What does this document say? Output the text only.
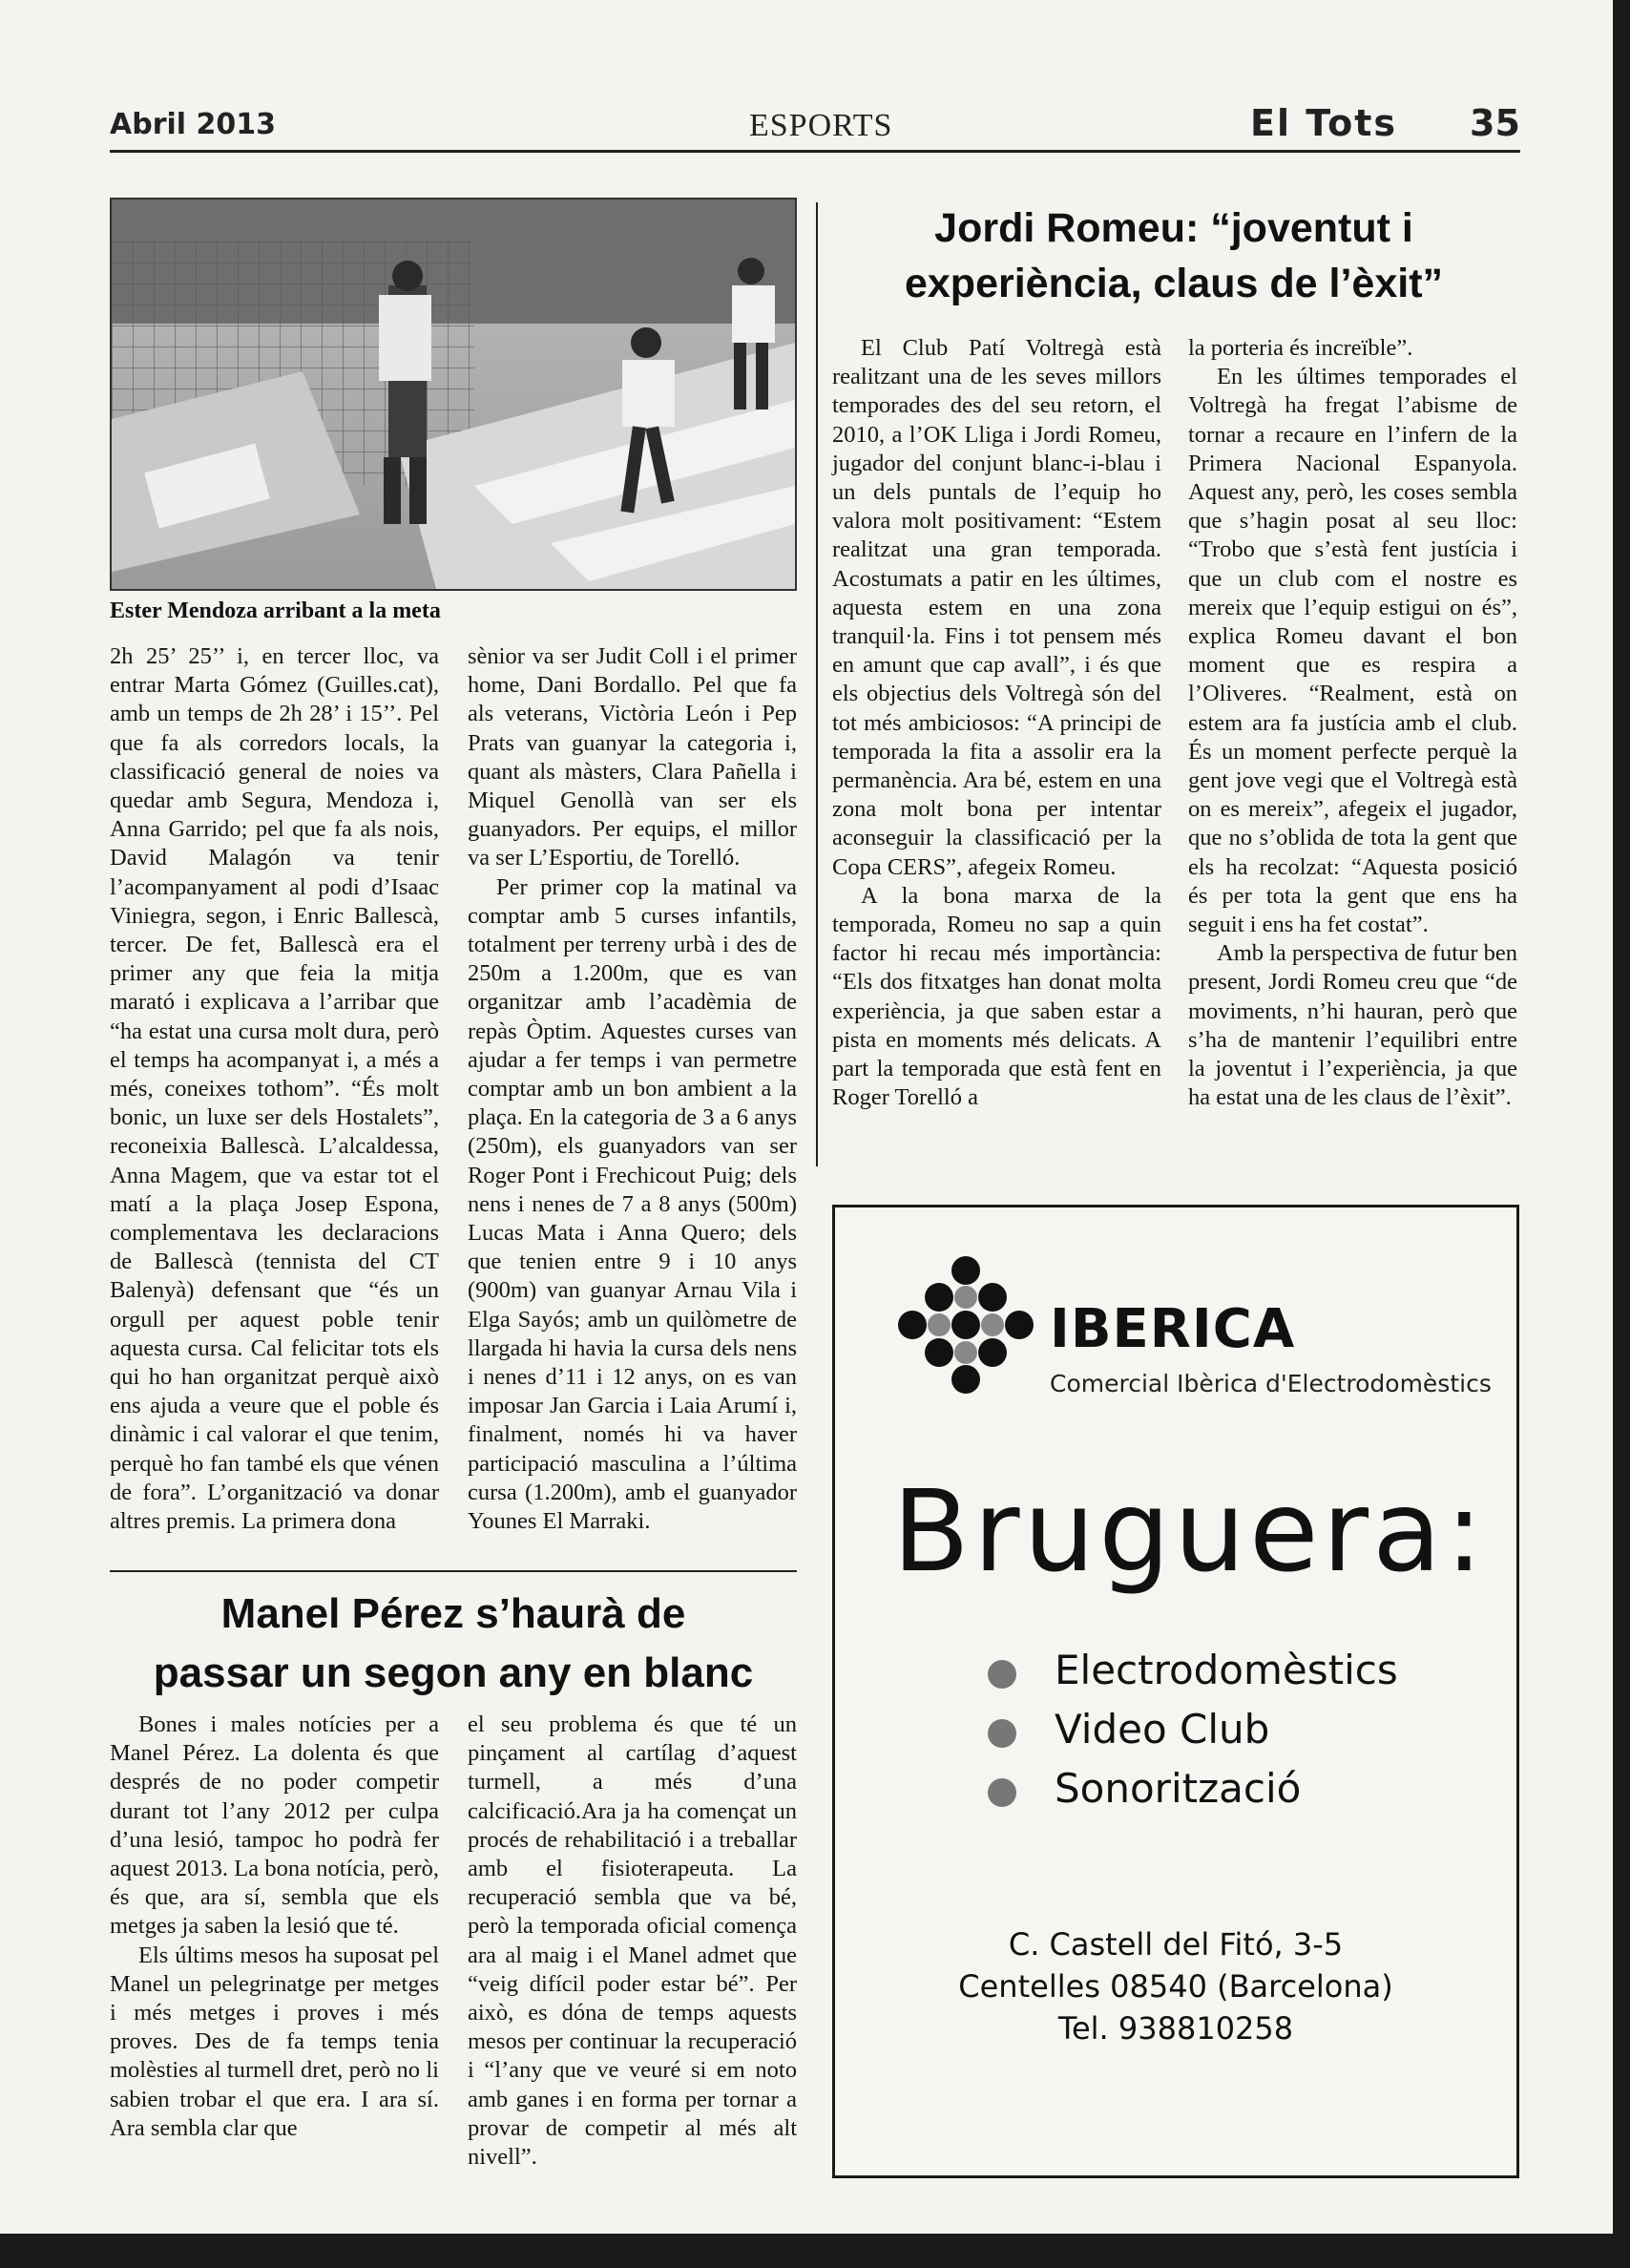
Abril 2013	ESPORTS	El Tots 35
Ester Mendoza arribant a la meta

2h 25’ 25’’ i, en tercer lloc, va entrar Marta Gómez (Guilles.cat), amb un temps de 2h 28’ i 15’’. Pel que fa als corredors locals, la classificació general de noies va quedar amb Segura, Mendoza i, Anna Garrido; pel que fa als nois, David Malagón va tenir l’acompanyament al podi d’Isaac Viniegra, segon, i Enric Ballescà, tercer. De fet, Ballescà era el primer any que feia la mitja marató i explicava a l’arribar que “ha estat una cursa molt dura, però el temps ha acompanyat i, a més a més, coneixes tothom”. “És molt bonic, un luxe ser dels Hostalets”, reconeixia Ballescà. L’alcaldessa, Anna Magem, que va estar tot el matí a la plaça Josep Espona, complementava les declaracions de Ballescà (tennista del CT Balenyà) defensant que “és un orgull per aquest poble tenir aquesta cursa. Cal felicitar tots els qui ho han organitzat perquè això ens ajuda a veure que el poble és dinàmic i cal valorar el que tenim, perquè ho fan també els que vénen de fora”. L’organització va donar altres premis. La primera dona

sènior va ser Judit Coll i el primer home, Dani Bordallo. Pel que fa als veterans, Victòria León i Pep Prats van guanyar la categoria i, quant als màsters, Clara Pañella i Miquel Genollà van ser els guanyadors. Per equips, el millor va ser L’Esportiu, de Torelló.

Per primer cop la matinal va comptar amb 5 curses infantils, totalment per terreny urbà i des de 250m a 1.200m, que es van organitzar amb l’acadèmia de repàs Òptim. Aquestes curses van ajudar a fer temps i van permetre comptar amb un bon ambient a la plaça. En la categoria de 3 a 6 anys (250m), els guanyadors van ser Roger Pont i Frechicout Puig; dels nens i nenes de 7 a 8 anys (500m) Lucas Mata i Anna Quero; dels que tenien entre 9 i 10 anys (900m) van guanyar Arnau Vila i Elga Sayós; amb un quilòmetre de llargada hi havia la cursa dels nens i nenes d’11 i 12 anys, on es van imposar Jan Garcia i Laia Arumí i, finalment, només hi va haver participació masculina a l’última cursa (1.200m), amb el guanyador Younes El Marraki.

Jordi Romeu: “joventut i
experiència, claus de l’èxit”

El Club Patí Voltregà està realitzant una de les seves millors temporades des del seu retorn, el 2010, a l’OK Lliga i Jordi Romeu, jugador del conjunt blanc-i-blau i un dels puntals de l’equip ho valora molt positivament: “Estem realitzat una gran temporada. Acostumats a patir en les últimes, aquesta estem en una zona tranquil·la. Fins i tot pensem més en amunt que cap avall”, i és que els objectius dels Voltregà són del tot més ambiciosos: “A principi de temporada la fita a assolir era la permanència. Ara bé, estem en una zona molt bona per intentar aconseguir la classificació per la Copa CERS”, afegeix Romeu.

A la bona marxa de la temporada, Romeu no sap a quin factor hi recau més importància: “Els dos fitxatges han donat molta experiència, ja que saben estar a pista en moments més delicats. A part la temporada que està fent en Roger Torelló a

la porteria és increïble”.

En les últimes temporades el Voltregà ha fregat l’abisme de tornar a recaure en l’infern de la Primera Nacional Espanyola. Aquest any, però, les coses sembla que s’hagin posat al seu lloc: “Trobo que s’està fent justícia i que un club com el nostre es mereix que l’equip estigui on és”, explica Romeu davant el bon moment que es respira a l’Oliveres. “Realment, està on estem ara fa justícia amb el club. És un moment perfecte perquè la gent jove vegi que el Voltregà està on es mereix”, afegeix el jugador, que no s’oblida de tota la gent que els ha recolzat: “Aquesta posició és per tota la gent que ens ha seguit i ens ha fet costat”.

Amb la perspectiva de futur ben present, Jordi Romeu creu que “de moviments, n’hi hauran, però que s’ha de mantenir l’equilibri entre la joventut i l’experiència, ja que ha estat una de les claus de l’èxit”.

Manel Pérez s’haurà de
passar un segon any en blanc

Bones i males notícies per a Manel Pérez. La dolenta és que després de no poder competir durant tot l’any 2012 per culpa d’una lesió, tampoc ho podrà fer aquest 2013. La bona notícia, però, és que, ara sí, sembla que els metges ja saben la lesió que té.

Els últims mesos ha suposat pel Manel un pelegrinatge per metges i més metges i proves i més proves. Des de fa temps tenia molèsties al turmell dret, però no li sabien trobar el que era. I ara sí. Ara sembla clar que

el seu problema és que té un pinçament al cartílag d’aquest turmell, a més d’una calcificació.Ara ja ha començat un procés de rehabilitació i a treballar amb el fisioterapeuta. La recuperació sembla que va bé, però la temporada oficial comença ara al maig i el Manel admet que “veig difícil poder estar bé”. Per això, es dóna de temps aquests mesos per continuar la recuperació i “l’any que ve veuré si em noto amb ganes i en forma per tornar a provar de competir al més alt nivell”.

IBERICA
Comercial Ibèrica d'Electrodomèstics
Bruguera:
Electrodomèstics
Video Club
Sonorització
C. Castell del Fitó, 3-5
Centelles 08540 (Barcelona)
Tel. 938810258
